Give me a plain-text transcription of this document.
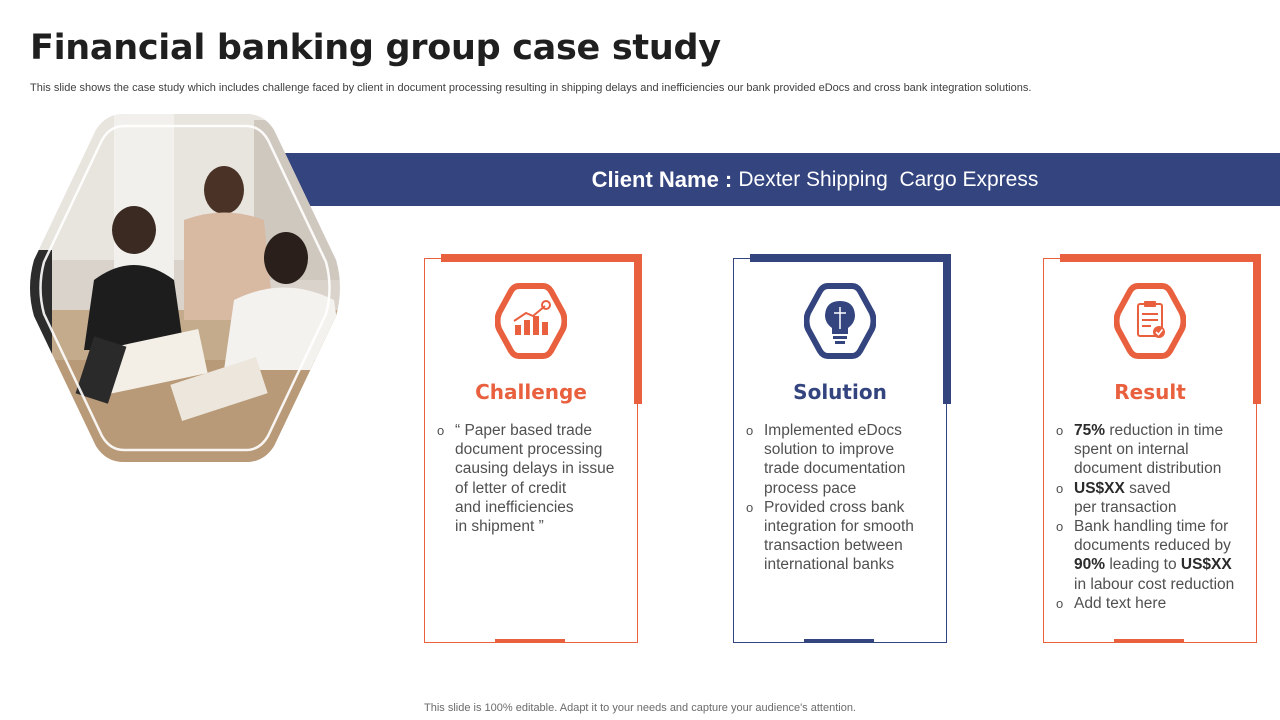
Financial banking group case study

This slide shows the case study which includes challenge faced by client in document processing resulting in shipping delays and inefficiencies our bank provided eDocs and cross bank integration solutions.

Client Name : Dexter Shipping  Cargo Express
Challenge
o “ Paper based trade
document processing
causing delays in issue
of letter of credit
and inefficiencies
in shipment ”
Solution
o Implemented eDocs
solution to improve
trade documentation
process pace
o Provided cross bank
integration for smooth
transaction between
international banks
Result
o 75% reduction in time
spent on internal
document distribution
o US$XX saved
per transaction
o Bank handling time for
documents reduced by
90% leading to US$XX
in labour cost reduction
o Add text here
This slide is 100% editable. Adapt it to your needs and capture your audience's attention.
